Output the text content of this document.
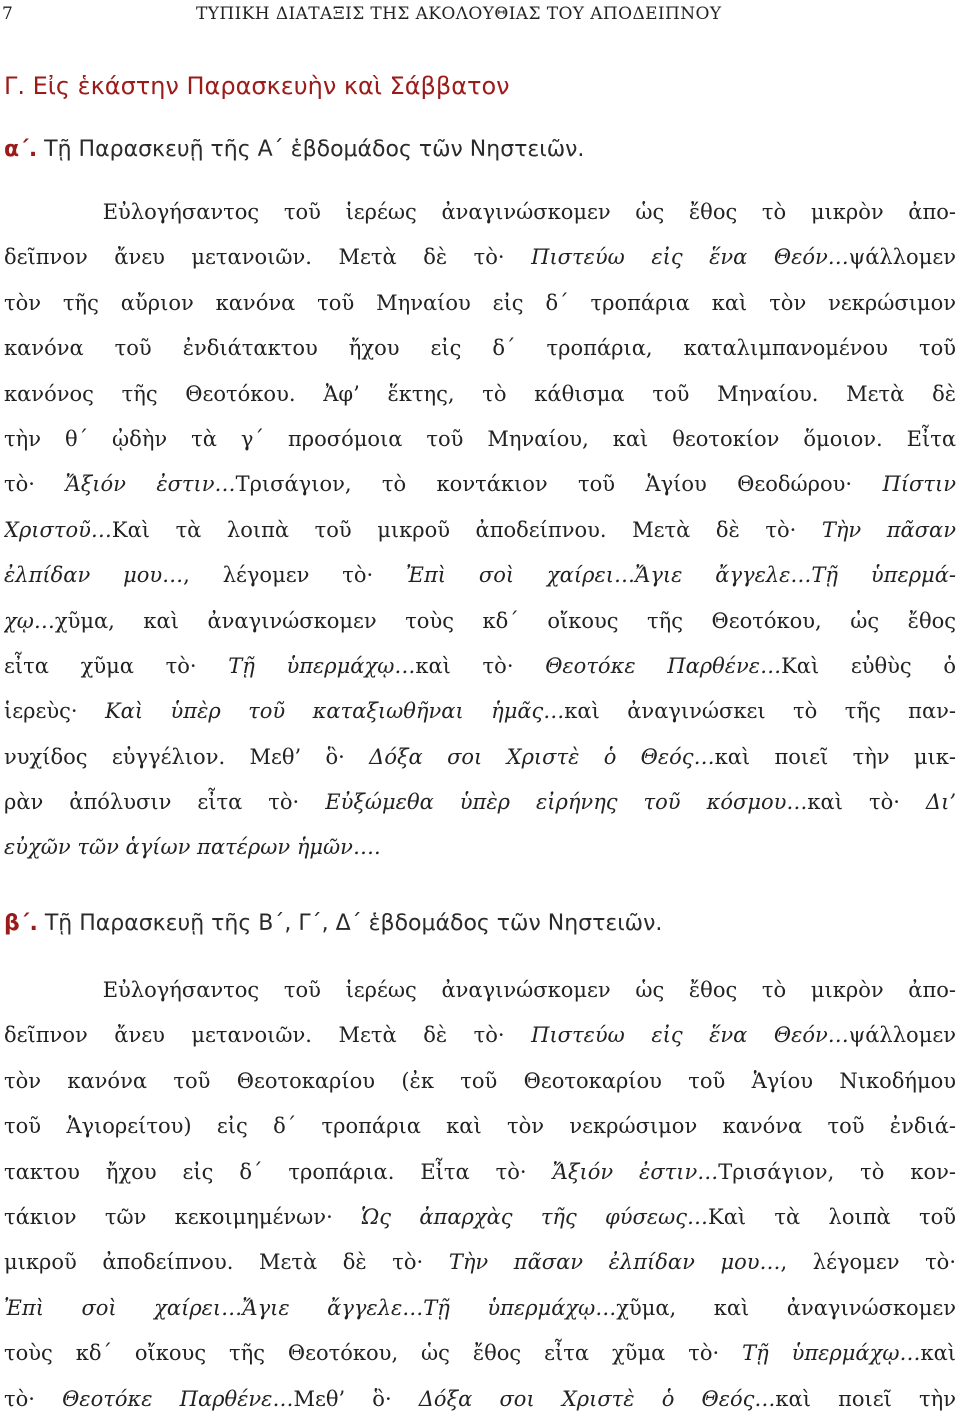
7	ΤΥΠΙΚΗ ΔΙΑΤΑΞΙΣ ΤΗΣ ΑΚΟΛΟΥΘΙΑΣ ΤΟΥ ΑΠΟΔΕΙΠΝΟΥ
Γ. Εἰς ἑκάστην Παρασκευὴν καὶ Σάββατον
α΄. Τῇ Παρασκευῇ τῆς Α΄ ἑβδομάδος τῶν Νηστειῶν.
Εὐλογήσαντος τοῦ ἱερέως ἀναγινώσκομεν ὡς ἔθος τὸ μικρὸν ἀπο-
δεῖπνον ἄνευ μετανοιῶν. Μετὰ δὲ τὸ· Πιστεύω εἰς ἕνα Θεόν…ψάλλομεν
τὸν τῆς αὔριον κανόνα τοῦ Μηναίου εἰς δ΄ τροπάρια καὶ τὸν νεκρώσιμον
κανόνα τοῦ ἐνδιάτακτου ἤχου εἰς δ΄ τροπάρια, καταλιμπανομένου τοῦ
κανόνος τῆς Θεοτόκου. Ἀφ’ ἕκτης, τὸ κάθισμα τοῦ Μηναίου. Μετὰ δὲ
τὴν θ΄ ᾠδὴν τὰ γ΄ προσόμοια τοῦ Μηναίου, καὶ θεοτοκίον ὅμοιον. Εἶτα
τὸ· Ἄξιόν ἐστιν…Τρισάγιον, τὸ κοντάκιον τοῦ Ἁγίου Θεοδώρου· Πίστιν
Χριστοῦ…Καὶ τὰ λοιπὰ τοῦ μικροῦ ἀποδείπνου. Μετὰ δὲ τὸ· Τὴν πᾶσαν
ἐλπίδαν μου…, λέγομεν τὸ· Ἐπὶ σοὶ χαίρει…Ἄγιε ἄγγελε…Τῇ ὑπερμά-
χῳ…χῦμα, καὶ ἀναγινώσκομεν τοὺς κδ΄ οἴκους τῆς Θεοτόκου, ὡς ἔθος
εἶτα χῦμα τὸ· Τῇ ὑπερμάχῳ…καὶ τὸ· Θεοτόκε Παρθένε…Καὶ εὐθὺς ὁ
ἱερεὺς· Καὶ ὑπὲρ τοῦ καταξιωθῆναι ἡμᾶς…καὶ ἀναγινώσκει τὸ τῆς παν-
νυχίδος εὐγγέλιον. Μεθ’ ὃ· Δόξα σοι Χριστὲ ὁ Θεός…καὶ ποιεῖ τὴν μικ-
ρὰν ἀπόλυσιν εἶτα τὸ· Εὐξώμεθα ὑπὲρ εἰρήνης τοῦ κόσμου…καὶ τὸ· Δι’
εὐχῶν τῶν ἁγίων πατέρων ἡμῶν….
β΄. Τῇ Παρασκευῇ τῆς Β΄, Γ΄, Δ΄ ἑβδομάδος τῶν Νηστειῶν.
Εὐλογήσαντος τοῦ ἱερέως ἀναγινώσκομεν ὡς ἔθος τὸ μικρὸν ἀπο-
δεῖπνον ἄνευ μετανοιῶν. Μετὰ δὲ τὸ· Πιστεύω εἰς ἕνα Θεόν…ψάλλομεν
τὸν κανόνα τοῦ Θεοτοκαρίου (ἐκ τοῦ Θεοτοκαρίου τοῦ Ἁγίου Νικοδήμου
τοῦ Ἁγιορείτου) εἰς δ΄ τροπάρια καὶ τὸν νεκρώσιμον κανόνα τοῦ ἐνδιά-
τακτου ἤχου εἰς δ΄ τροπάρια. Εἶτα τὸ· Ἄξιόν ἐστιν…Τρισάγιον, τὸ κον-
τάκιον τῶν κεκοιμημένων· Ὡς ἀπαρχὰς τῆς φύσεως…Καὶ τὰ λοιπὰ τοῦ
μικροῦ ἀποδείπνου. Μετὰ δὲ τὸ· Τὴν πᾶσαν ἐλπίδαν μου…, λέγομεν τὸ·
Ἐπὶ σοὶ χαίρει…Ἄγιε ἄγγελε…Τῇ ὑπερμάχῳ…χῦμα, καὶ ἀναγινώσκομεν
τοὺς κδ΄ οἴκους τῆς Θεοτόκου, ὡς ἔθος εἶτα χῦμα τὸ· Τῇ ὑπερμάχῳ…καὶ
τὸ· Θεοτόκε Παρθένε…Μεθ’ ὃ· Δόξα σοι Χριστὲ ὁ Θεός…καὶ ποιεῖ τὴν
